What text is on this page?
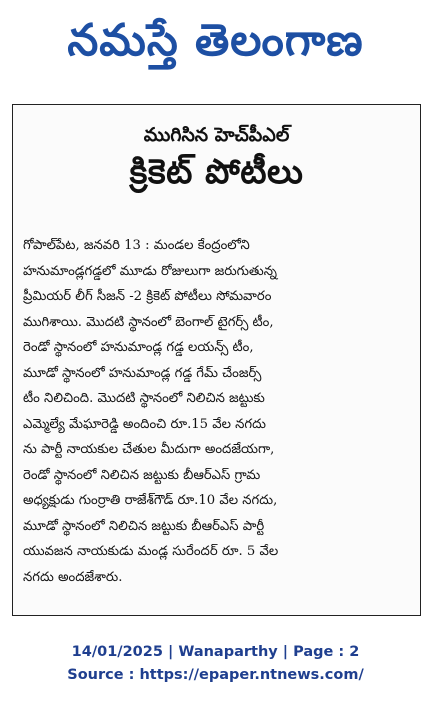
నమస్తే తెలంగాణ
ముగిసిన హెచ్‌పీఎల్
క్రికెట్ పోటీలు
గోపాల్‌పేట, జనవరి 13 : మండల కేంద్రంలోని
హనుమాండ్లగడ్డలో మూడు రోజులుగా జరుగుతున్న
ప్రీమియర్ లీగ్ సీజన్ -2 క్రికెట్ పోటీలు సోమవారం
ముగిశాయి. మొదటి స్థానంలో బెంగాల్ టైగర్స్ టీం,
రెండో స్థానంలో హనుమాండ్ల గడ్డ లయన్స్ టీం,
మూడో స్థానంలో హనుమాండ్ల గడ్డ గేమ్ చేంజర్స్
టీం నిలిచింది. మొదటి స్థానంలో నిలిచిన జట్టుకు
ఎమ్మెల్యే మేఘారెడ్డి అందించి రూ.15 వేల నగదు
ను పార్టీ నాయకుల చేతుల మీదుగా అందజేయగా,
రెండో స్థానంలో నిలిచిన జట్టుకు బీఆర్ఎస్ గ్రామ
అధ్యక్షుడు గుంర్రాతి రాజేశ్‌గౌడ్ రూ.10 వేల నగదు,
మూడో స్థానంలో నిలిచిన జట్టుకు బీఆర్ఎస్ పార్టీ
యువజన నాయకుడు మండ్ల సురేందర్ రూ. 5 వేల
నగదు అందజేశారు.
14/01/2025 | Wanaparthy | Page : 2
Source : https://epaper.ntnews.com/
